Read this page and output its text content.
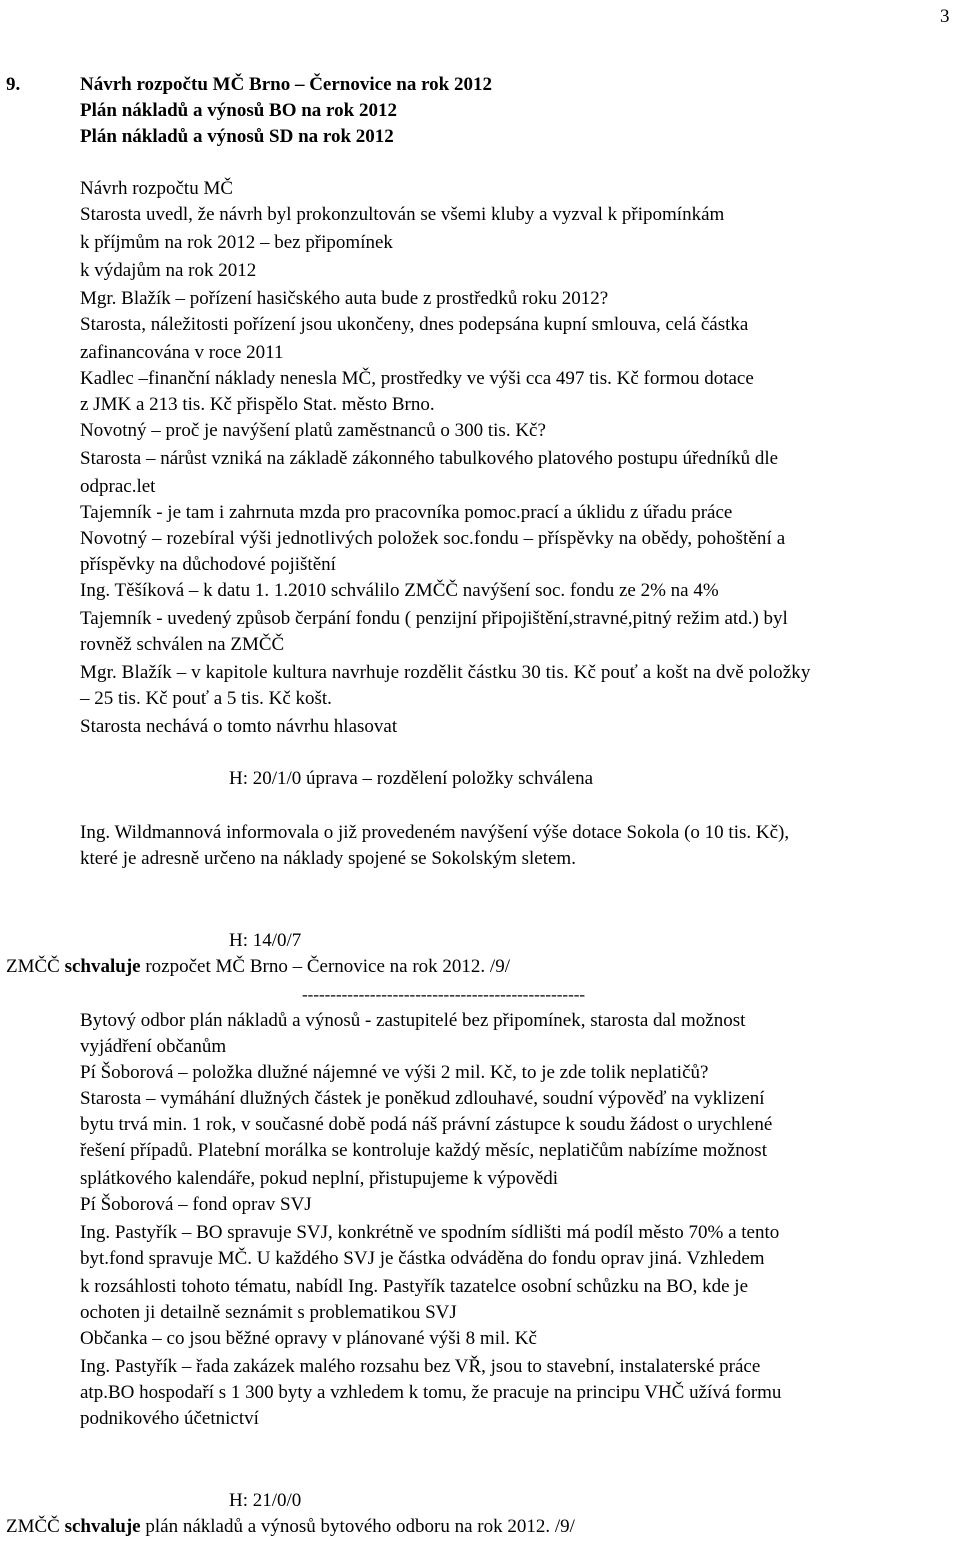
3
9.	Návrh rozpočtu MČ Brno – Černovice na rok 2012
Plán nákladů a výnosů BO na rok 2012
Plán nákladů a výnosů SD na rok 2012
Návrh rozpočtu MČ
Starosta uvedl, že návrh byl prokonzultován se všemi kluby a vyzval k připomínkám
k příjmům na rok 2012 – bez připomínek
k výdajům na rok 2012
Mgr. Blažík – pořízení hasičského auta bude z prostředků roku 2012?
Starosta, náležitosti pořízení jsou ukončeny, dnes podepsána kupní smlouva, celá částka
zafinancována v roce 2011
Kadlec –finanční náklady nenesla MČ, prostředky ve výši cca 497 tis. Kč formou dotace
z JMK a 213 tis. Kč přispělo Stat. město Brno.
Novotný – proč je navýšení platů zaměstnanců o 300 tis. Kč?
Starosta – nárůst vzniká na základě zákonného tabulkového platového postupu úředníků dle
odprac.let
Tajemník - je tam i zahrnuta mzda pro pracovníka pomoc.prací a úklidu z úřadu práce
Novotný – rozebíral výši jednotlivých položek soc.fondu – příspěvky na obědy, pohoštění a
příspěvky na důchodové pojištění
Ing. Těšíková – k datu 1. 1.2010 schválilo ZMČČ navýšení soc. fondu ze 2% na 4%
Tajemník - uvedený způsob čerpání fondu ( penzijní připojištění,stravné,pitný režim atd.) byl
rovněž schválen na ZMČČ
Mgr. Blažík – v kapitole kultura navrhuje rozdělit částku 30 tis. Kč pouť a košt na dvě položky
– 25 tis. Kč pouť a 5 tis. Kč košt.
Starosta nechává o tomto návrhu hlasovat
H: 20/1/0 úprava – rozdělení položky schválena
Ing. Wildmannová informovala o již provedeném navýšení výše dotace Sokola (o 10 tis. Kč),
které je adresně určeno na náklady spojené se Sokolským sletem.
H: 14/0/7
ZMČČ schvaluje rozpočet MČ Brno – Černovice na rok 2012. /9/
--------------------------------------------------
Bytový odbor plán nákladů a výnosů - zastupitelé bez připomínek, starosta dal možnost
vyjádření občanům
Pí Šoborová – položka dlužné nájemné ve výši 2 mil. Kč, to je zde tolik neplatičů?
Starosta – vymáhání dlužných částek je poněkud zdlouhavé, soudní výpověď na vyklizení
bytu trvá min. 1 rok, v současné době podá náš právní zástupce k soudu žádost o urychlené
řešení případů. Platební morálka se kontroluje každý měsíc, neplatičům nabízíme možnost
splátkového kalendáře, pokud neplní, přistupujeme k výpovědi
Pí Šoborová – fond oprav SVJ
Ing. Pastyřík – BO spravuje SVJ, konkrétně ve spodním sídlišti má podíl město 70% a tento
byt.fond spravuje MČ. U každého SVJ je částka odváděna do fondu oprav jiná. Vzhledem
k rozsáhlosti tohoto tématu, nabídl Ing. Pastyřík tazatelce osobní schůzku na BO, kde je
ochoten ji detailně seznámit s problematikou SVJ
Občanka – co jsou běžné opravy v plánované výši 8 mil. Kč
Ing. Pastyřík – řada zakázek malého rozsahu bez VŘ, jsou to stavební, instalaterské práce
atp.BO hospodaří s 1 300 byty a vzhledem k tomu, že pracuje na principu VHČ užívá formu
podnikového účetnictví
H: 21/0/0
ZMČČ schvaluje plán nákladů a výnosů bytového odboru na rok 2012. /9/
